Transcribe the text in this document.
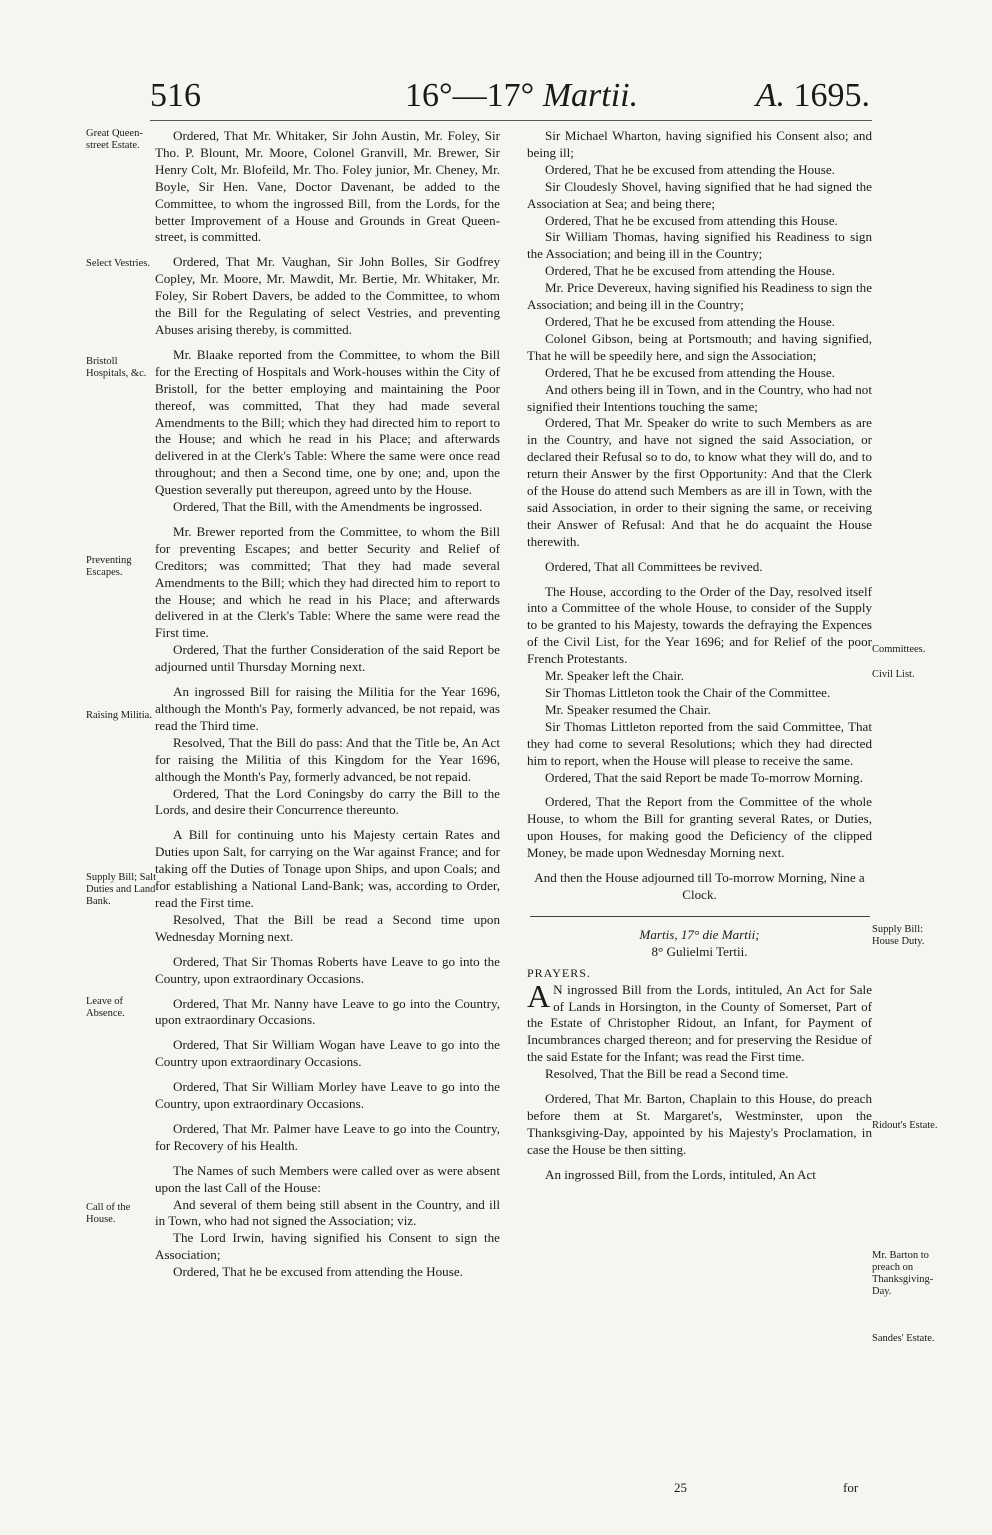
516	16°—17° Martii.	A. 1695.
Great Queen-street Estate.
Select Vestries.
Bristoll Hospitals, &c.
Preventing Escapes.
Raising Militia.
Supply Bill; Salt Duties and Land Bank.
Leave of Absence.
Call of the House.
Committees.
Civil List.
Supply Bill: House Duty.
Ridout's Estate.
Mr. Barton to preach on Thanksgiving-Day.
Sandes' Estate.

Ordered, That Mr. Whitaker, Sir John Austin, Mr. Foley, Sir Tho. P. Blount, Mr. Moore, Colonel Granvill, Mr. Brewer, Sir Henry Colt, Mr. Blofeild, Mr. Tho. Foley junior, Mr. Cheney, Mr. Boyle, Sir Hen. Vane, Doctor Davenant, be added to the Committee, to whom the ingrossed Bill, from the Lords, for the better Improvement of a House and Grounds in Great Queen-street, is committed.

Ordered, That Mr. Vaughan, Sir John Bolles, Sir Godfrey Copley, Mr. Moore, Mr. Mawdit, Mr. Bertie, Mr. Whitaker, Mr. Foley, Sir Robert Davers, be added to the Committee, to whom the Bill for the Regulating of select Vestries, and preventing Abuses arising thereby, is committed.

Mr. Blaake reported from the Committee, to whom the Bill for the Erecting of Hospitals and Work-houses within the City of Bristoll, for the better employing and maintaining the Poor thereof, was committed, That they had made several Amendments to the Bill; which they had directed him to report to the House; and which he read in his Place; and afterwards delivered in at the Clerk's Table: Where the same were once read throughout; and then a Second time, one by one; and, upon the Question severally put thereupon, agreed unto by the House.

Ordered, That the Bill, with the Amendments be ingrossed.

Mr. Brewer reported from the Committee, to whom the Bill for preventing Escapes; and better Security and Relief of Creditors; was committed; That they had made several Amendments to the Bill; which they had directed him to report to the House; and which he read in his Place; and afterwards delivered in at the Clerk's Table: Where the same were read the First time.

Ordered, That the further Consideration of the said Report be adjourned until Thursday Morning next.

An ingrossed Bill for raising the Militia for the Year 1696, although the Month's Pay, formerly advanced, be not repaid, was read the Third time.

Resolved, That the Bill do pass: And that the Title be, An Act for raising the Militia of this Kingdom for the Year 1696, although the Month's Pay, formerly advanced, be not repaid.

Ordered, That the Lord Coningsby do carry the Bill to the Lords, and desire their Concurrence thereunto.

A Bill for continuing unto his Majesty certain Rates and Duties upon Salt, for carrying on the War against France; and for taking off the Duties of Tonage upon Ships, and upon Coals; and for establishing a National Land-Bank; was, according to Order, read the First time.

Resolved, That the Bill be read a Second time upon Wednesday Morning next.

Ordered, That Sir Thomas Roberts have Leave to go into the Country, upon extraordinary Occasions.

Ordered, That Mr. Nanny have Leave to go into the Country, upon extraordinary Occasions.

Ordered, That Sir William Wogan have Leave to go into the Country upon extraordinary Occasions.

Ordered, That Sir William Morley have Leave to go into the Country, upon extraordinary Occasions.

Ordered, That Mr. Palmer have Leave to go into the Country, for Recovery of his Health.

The Names of such Members were called over as were absent upon the last Call of the House:

And several of them being still absent in the Country, and ill in Town, who had not signed the Association; viz.

The Lord Irwin, having signified his Consent to sign the Association;

Ordered, That he be excused from attending the House.

Sir Michael Wharton, having signified his Consent also; and being ill;

Ordered, That he be excused from attending the House.

Sir Cloudesly Shovel, having signified that he had signed the Association at Sea; and being there;

Ordered, That he be excused from attending this House.

Sir William Thomas, having signified his Readiness to sign the Association; and being ill in the Country;

Ordered, That he be excused from attending the House.

Mr. Price Devereux, having signified his Readiness to sign the Association; and being ill in the Country;

Ordered, That he be excused from attending the House.

Colonel Gibson, being at Portsmouth; and having signified, That he will be speedily here, and sign the Association;

Ordered, That he be excused from attending the House.

And others being ill in Town, and in the Country, who had not signified their Intentions touching the same;

Ordered, That Mr. Speaker do write to such Members as are in the Country, and have not signed the said Association, or declared their Refusal so to do, to know what they will do, and to return their Answer by the first Opportunity: And that the Clerk of the House do attend such Members as are ill in Town, with the said Association, in order to their signing the same, or receiving their Answer of Refusal: And that he do acquaint the House therewith.

Ordered, That all Committees be revived.

The House, according to the Order of the Day, resolved itself into a Committee of the whole House, to consider of the Supply to be granted to his Majesty, towards the defraying the Expences of the Civil List, for the Year 1696; and for Relief of the poor French Protestants.

Mr. Speaker left the Chair.

Sir Thomas Littleton took the Chair of the Committee.

Mr. Speaker resumed the Chair.

Sir Thomas Littleton reported from the said Committee, That they had come to several Resolutions; which they had directed him to report, when the House will please to receive the same.

Ordered, That the said Report be made To-morrow Morning.

Ordered, That the Report from the Committee of the whole House, to whom the Bill for granting several Rates, or Duties, upon Houses, for making good the Deficiency of the clipped Money, be made upon Wednesday Morning next.

And then the House adjourned till To-morrow Morning, Nine a Clock.

Martis, 17° die Martii;

8° Gulielmi Tertii.

PRAYERS.

A N ingrossed Bill from the Lords, intituled, An Act for Sale of Lands in Horsington, in the County of Somerset, Part of the Estate of Christopher Ridout, an Infant, for Payment of Incumbrances charged thereon; and for preserving the Residue of the said Estate for the Infant; was read the First time.

Resolved, That the Bill be read a Second time.

Ordered, That Mr. Barton, Chaplain to this House, do preach before them at St. Margaret's, Westminster, upon the Thanksgiving-Day, appointed by his Majesty's Proclamation, in case the House be then sitting.

An ingrossed Bill, from the Lords, intituled, An Act

25	for
